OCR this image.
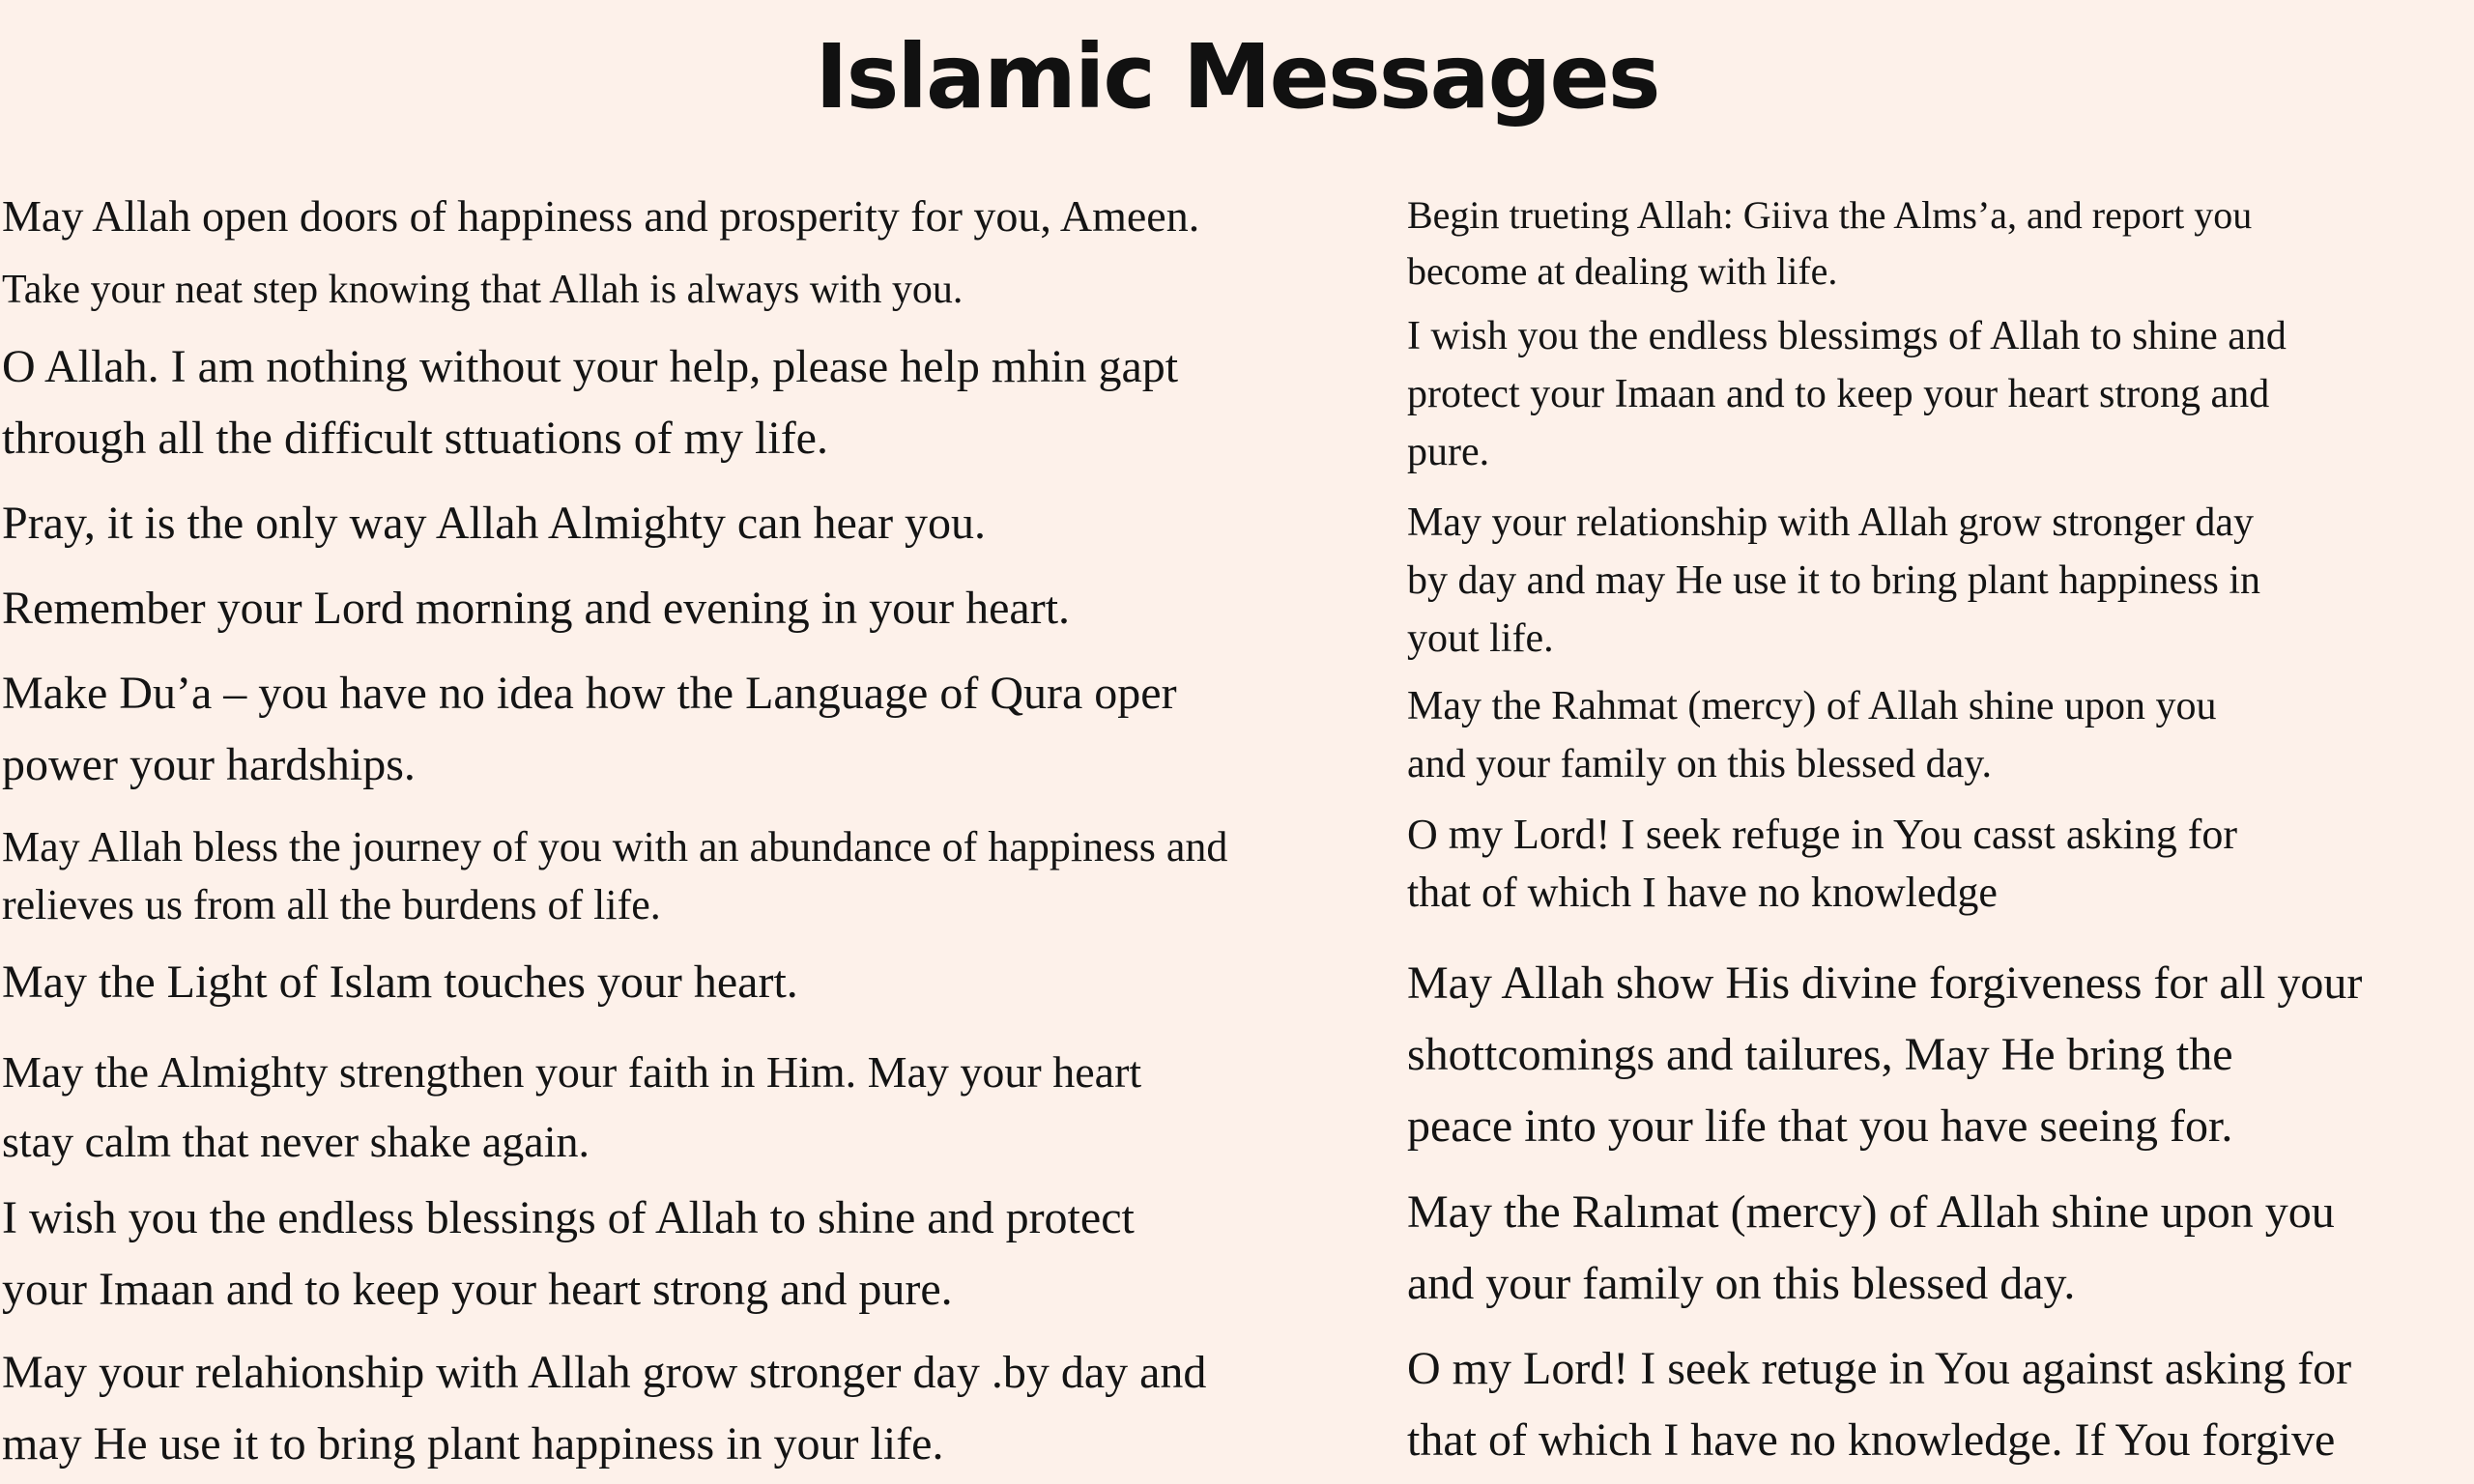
Islamic Messages

May Allah open doors of happiness and prosperity for you, Ameen.

Take your neat step knowing that Allah is always with you.

O Allah. I am nothing without your help, please help mhin gapt
through all the difficult sttuations of my life.

Pray, it is the only way Allah Almighty can hear you.

Remember your Lord morning and evening in your heart.

Make Du’a – you have no idea how the Language of Qura oper
power your hardships.

May Allah bless the journey of you with an abundance of happiness and
relieves us from all the burdens of life.

May the Light of Islam touches your heart.

May the Almighty strengthen your faith in Him. May your heart
stay calm that never shake again.

I wish you the endless blessings of Allah to shine and protect
your Imaan and to keep your heart strong and pure.

May your relahionship with Allah grow stronger day .by day and
may He use it to bring plant happiness in your life.

Begin trueting Allah: Giiva the Alms’a, and report you
become at dealing with life.

I wish you the endless blessimgs of Allah to shine and
protect your Imaan and to keep your heart strong and
pure.

May your relationship with Allah grow stronger day
by day and may He use it to bring plant happiness in
yout life.

May the Rahmat (mercy) of Allah shine upon you
and your family on this blessed day.

O my Lord! I seek refuge in You casst asking for
that of which I have no knowledge

May Allah show His divine forgiveness for all your
shottcomings and tailures, May He bring the
peace into your life that you have seeing for.

May the Ralımat (mercy) of Allah shine upon you
and your family on this blessed day.

O my Lord! I seek retuge in You against asking for
that of which I have no knowledge. If You forgive
